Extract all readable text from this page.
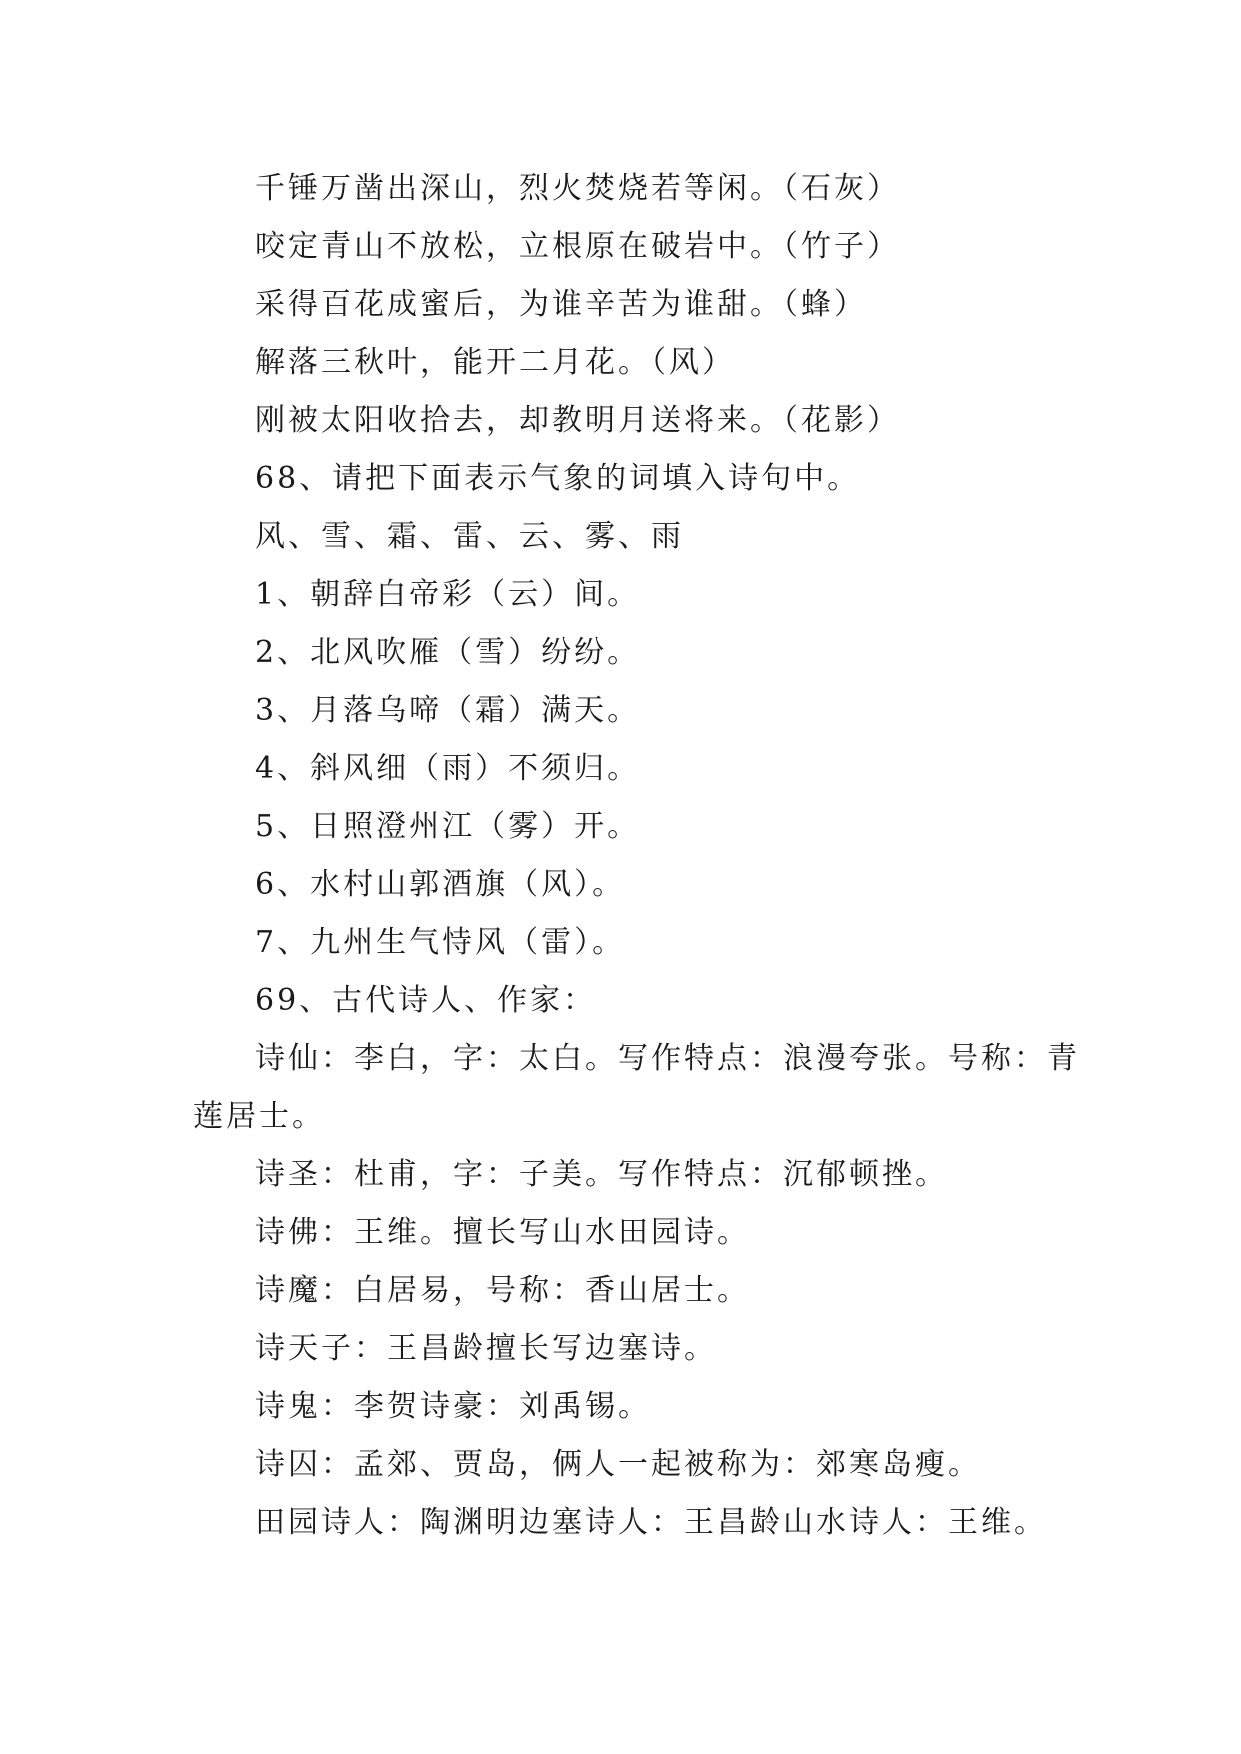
千锤万凿出深山，烈火焚烧若等闲。（石灰）

咬定青山不放松，立根原在破岩中。（竹子）

采得百花成蜜后，为谁辛苦为谁甜。（蜂）

解落三秋叶，能开二月花。（风）

刚被太阳收拾去，却教明月送将来。（花影）

68、请把下面表示气象的词填入诗句中。

风、雪、霜、雷、云、雾、雨

1、朝辞白帝彩（云）间。

2、北风吹雁（雪）纷纷。

3、月落乌啼（霜）满天。

4、斜风细（雨）不须归。

5、日照澄州江（雾）开。

6、水村山郭酒旗（风）。

7、九州生气恃风（雷）。

69、古代诗人、作家：

诗仙：李白，字：太白。写作特点：浪漫夸张。号称：青莲居士。

诗圣：杜甫，字：子美。写作特点：沉郁顿挫。

诗佛：王维。擅长写山水田园诗。

诗魔：白居易，号称：香山居士。

诗天子：王昌龄擅长写边塞诗。

诗鬼：李贺诗豪：刘禹锡。

诗囚：孟郊、贾岛，俩人一起被称为：郊寒岛瘦。

田园诗人：陶渊明边塞诗人：王昌龄山水诗人：王维。
